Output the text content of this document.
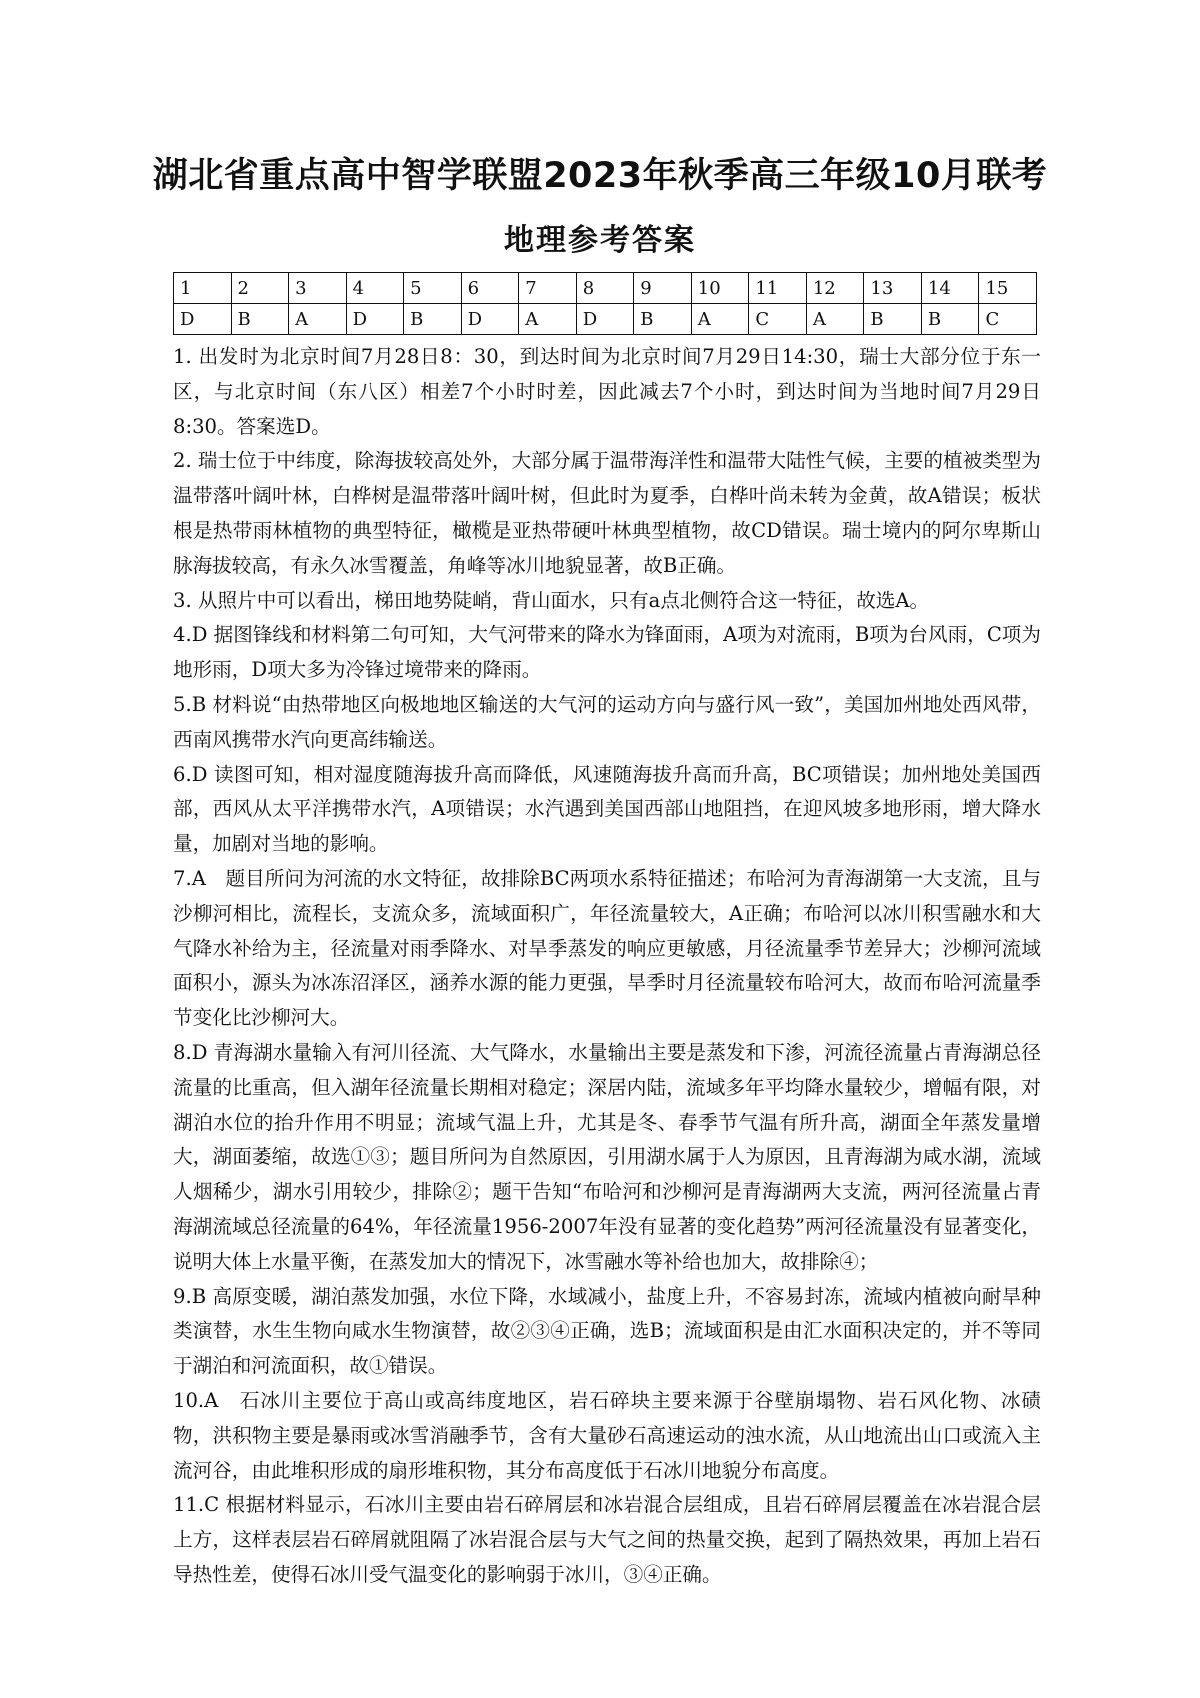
湖北省重点高中智学联盟2023年秋季高三年级10月联考
地理参考答案
1	2	3	4	5	6	7	8	9	10	11	12	13	14	15
D	B	A	D	B	D	A	D	B	A	C	A	B	B	C

1. 出发时为北京时间7月28日8：30，到达时间为北京时间7月29日14:30，瑞士大部分位于东一区，与北京时间（东八区）相差7个小时时差，因此减去7个小时，到达时间为当地时间7月29日8:30。答案选D。

2. 瑞士位于中纬度，除海拔较高处外，大部分属于温带海洋性和温带大陆性气候，主要的植被类型为温带落叶阔叶林，白桦树是温带落叶阔叶树，但此时为夏季，白桦叶尚未转为金黄，故A错误；板状根是热带雨林植物的典型特征，橄榄是亚热带硬叶林典型植物，故CD错误。瑞士境内的阿尔卑斯山脉海拔较高，有永久冰雪覆盖，角峰等冰川地貌显著，故B正确。

3. 从照片中可以看出，梯田地势陡峭，背山面水，只有a点北侧符合这一特征，故选A。

4.D 据图锋线和材料第二句可知，大气河带来的降水为锋面雨，A项为对流雨，B项为台风雨，C项为地形雨，D项大多为冷锋过境带来的降雨。

5.B 材料说“由热带地区向极地地区输送的大气河的运动方向与盛行风一致”，美国加州地处西风带，西南风携带水汽向更高纬输送。

6.D 读图可知，相对湿度随海拔升高而降低，风速随海拔升高而升高，BC项错误；加州地处美国西部，西风从太平洋携带水汽，A项错误；水汽遇到美国西部山地阻挡，在迎风坡多地形雨，增大降水量，加剧对当地的影响。

7.A　题目所问为河流的水文特征，故排除BC两项水系特征描述；布哈河为青海湖第一大支流，且与沙柳河相比，流程长，支流众多，流域面积广，年径流量较大，A正确；布哈河以冰川积雪融水和大气降水补给为主，径流量对雨季降水、对旱季蒸发的响应更敏感，月径流量季节差异大；沙柳河流域面积小，源头为冰冻沼泽区，涵养水源的能力更强，旱季时月径流量较布哈河大，故而布哈河流量季节变化比沙柳河大。

8.D 青海湖水量输入有河川径流、大气降水，水量输出主要是蒸发和下渗，河流径流量占青海湖总径流量的比重高，但入湖年径流量长期相对稳定；深居内陆，流域多年平均降水量较少，增幅有限，对湖泊水位的抬升作用不明显；流域气温上升，尤其是冬、春季节气温有所升高，湖面全年蒸发量增大，湖面萎缩，故选①③；题目所问为自然原因，引用湖水属于人为原因，且青海湖为咸水湖，流域人烟稀少，湖水引用较少，排除②；题干告知“布哈河和沙柳河是青海湖两大支流，两河径流量占青海湖流域总径流量的64%，年径流量1956-2007年没有显著的变化趋势”两河径流量没有显著变化，说明大体上水量平衡，在蒸发加大的情况下，冰雪融水等补给也加大，故排除④；

9.B 高原变暖，湖泊蒸发加强，水位下降，水域减小，盐度上升，不容易封冻，流域内植被向耐旱种类演替，水生生物向咸水生物演替，故②③④正确，选B；流域面积是由汇水面积决定的，并不等同于湖泊和河流面积，故①错误。

10.A　石冰川主要位于高山或高纬度地区，岩石碎块主要来源于谷壁崩塌物、岩石风化物、冰碛物，洪积物主要是暴雨或冰雪消融季节，含有大量砂石高速运动的浊水流，从山地流出山口或流入主流河谷，由此堆积形成的扇形堆积物，其分布高度低于石冰川地貌分布高度。

11.C 根据材料显示，石冰川主要由岩石碎屑层和冰岩混合层组成，且岩石碎屑层覆盖在冰岩混合层上方，这样表层岩石碎屑就阻隔了冰岩混合层与大气之间的热量交换，起到了隔热效果，再加上岩石导热性差，使得石冰川受气温变化的影响弱于冰川，③④正确。
